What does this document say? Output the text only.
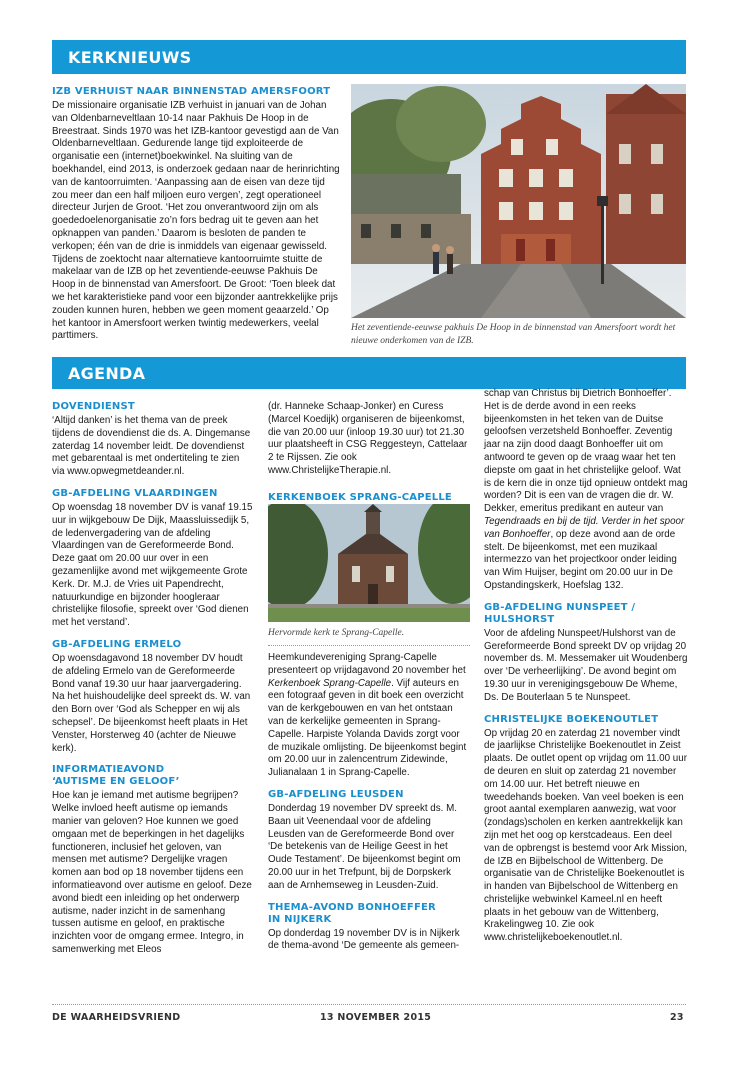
KERKNIEUWS
IZB VERHUIST NAAR BINNENSTAD AMERSFOORT

De missionaire organisatie IZB verhuist in januari van de Johan van Oldenbarneveltlaan 10-14 naar Pakhuis De Hoop in de Breestraat. Sinds 1970 was het IZB-kantoor gevestigd aan de Van Oldenbarneveltlaan. Gedurende lange tijd exploiteerde de organisatie een (internet)boekwinkel. Na sluiting van de boekhandel, eind 2013, is onderzoek gedaan naar de herinrichting van de kantoorruimten. ‘Aanpassing aan de eisen van deze tijd zou meer dan een half miljoen euro vergen’, zegt operationeel directeur Jurjen de Groot. ‘Het zou onverantwoord zijn om als goededoelenorganisatie zo’n fors bedrag uit te geven aan het opknappen van panden.’ Daarom is besloten de panden te verkopen; één van de drie is inmiddels van eigenaar gewisseld. Tijdens de zoektocht naar alternatieve kantoorruimte stuitte de makelaar van de IZB op het zeventiende-eeuwse Pakhuis De Hoop in de binnenstad van Amersfoort. De Groot: ‘Toen bleek dat we het karakteristieke pand voor een bijzonder aantrekkelijke prijs zouden kunnen huren, hebben we geen moment geaarzeld.’ Op het kantoor in Amersfoort werken twintig medewerkers, veelal parttimers.

Het zeventiende-eeuwse pakhuis De Hoop in de binnenstad van Amersfoort wordt het nieuwe onderkomen van de IZB.
AGENDA
DOVENDIENST

‘Altijd danken’ is het thema van de preek tijdens de dovendienst die ds. A. Dingemanse zaterdag 14 november leidt. De dovendienst met gebarentaal is met ondertiteling te zien via www.opwegmetdeander.nl.

GB-AFDELING VLAARDINGEN

Op woensdag 18 november DV is vanaf 19.15 uur in wijkgebouw De Dijk, Maassluissedijk 5, de ledenvergadering van de afdeling Vlaardingen van de Gereformeerde Bond. Deze gaat om 20.00 uur over in een gezamenlijke avond met wijkgemeente Grote Kerk. Dr. M.J. de Vries uit Papendrecht, natuurkundige en bijzonder hoogleraar christelijke filosofie, spreekt over ‘God dienen met het verstand’.

GB-AFDELING ERMELO

Op woensdagavond 18 november DV houdt de afdeling Ermelo van de Gereformeerde Bond vanaf 19.30 uur haar jaarvergadering. Na het huishoudelijke deel spreekt ds. W. van den Born over ‘God als Schepper en wij als schepsel’. De bijeenkomst heeft plaats in Het Venster, Horsterweg 40 (achter de Nieuwe kerk).

INFORMATIEAVOND
‘AUTISME EN GELOOF’

Hoe kan je iemand met autisme begrijpen? Welke invloed heeft autisme op iemands manier van geloven? Hoe kunnen we goed omgaan met de beperkingen in het dagelijks functioneren, inclusief het geloven, van mensen met autisme? Dergelijke vragen komen aan bod op 18 november tijdens een informatieavond over autisme en geloof. Deze avond biedt een inleiding op het onderwerp autisme, nader inzicht in de samenhang tussen autisme en geloof, en praktische inzichten voor de omgang ermee. Integro, in samenwerking met Eleos

(dr. Hanneke Schaap-Jonker) en Curess (Marcel Koedijk) organiseren de bijeenkomst, die van 20.00 uur (inloop 19.30 uur) tot 21.30 uur plaatsheeft in CSG Reggesteyn, Cattelaar 2 te Rijssen. Zie ook www.ChristelijkeTherapie.nl.

KERKENBOEK SPRANG-CAPELLE
Hervormde kerk te Sprang-Capelle.

Heemkundevereniging Sprang-Capelle presenteert op vrijdagavond 20 november het Kerkenboek Sprang-Capelle. Vijf auteurs en een fotograaf geven in dit boek een overzicht van de kerkgebouwen en van het ontstaan van de kerkelijke gemeenten in Sprang-Capelle. Harpiste Yolanda Davids zorgt voor de muzikale omlijsting. De bijeenkomst begint om 20.00 uur in zalencentrum Zidewinde, Julianalaan 1 in Sprang-Capelle.

GB-AFDELING LEUSDEN

Donderdag 19 november DV spreekt ds. M. Baan uit Veenendaal voor de afdeling Leusden van de Gereformeerde Bond over ‘De betekenis van de Heilige Geest in het Oude Testament’. De bijeenkomst begint om 20.00 uur in het Trefpunt, bij de Dorpskerk aan de Arnhemseweg in Leusden-Zuid.

THEMA-AVOND BONHOEFFER
IN NIJKERK

Op donderdag 19 november DV is in Nijkerk de thema-avond ‘De gemeente als gemeen-

schap van Christus bij Dietrich Bonhoeffer’. Het is de derde avond in een reeks bijeenkomsten in het teken van de Duitse geloofsen verzetsheld Bonhoeffer. Zeventig jaar na zijn dood daagt Bonhoeffer uit om antwoord te geven op de vraag waar het ten diepste om gaat in het christelijke geloof. Wat is de kern die in onze tijd opnieuw ontdekt mag worden? Dit is een van de vragen die dr. W. Dekker, emeritus predikant en auteur van Tegendraads en bij de tijd. Verder in het spoor van Bonhoeffer, op deze avond aan de orde stelt. De bijeenkomst, met een muzikaal intermezzo van het projectkoor onder leiding van Wim Huijser, begint om 20.00 uur in De Opstandingskerk, Hoefslag 132.

GB-AFDELING NUNSPEET / HULSHORST

Voor de afdeling Nunspeet/Hulshorst van de Gereformeerde Bond spreekt DV op vrijdag 20 november ds. M. Messemaker uit Woudenberg over ‘De verheerlijking’. De avond begint om 19.30 uur in verenigingsgebouw De Wheme, Ds. De Bouterlaan 5 te Nunspeet.

CHRISTELIJKE BOEKENOUTLET

Op vrijdag 20 en zaterdag 21 november vindt de jaarlijkse Christelijke Boekenoutlet in Zeist plaats. De outlet opent op vrijdag om 11.00 uur de deuren en sluit op zaterdag 21 november om 14.00 uur. Het betreft nieuwe en tweedehands boeken. Van veel boeken is een groot aantal exemplaren aanwezig, wat voor (zondags)scholen en kerken aantrekkelijk kan zijn met het oog op kerstcadeaus. Een deel van de opbrengst is bestemd voor Ark Mission, de IZB en Bijbelschool de Wittenberg. De organisatie van de Christelijke Boekenoutlet is in handen van Bijbelschool de Wittenberg en christelijke webwinkel Kameel.nl en heeft plaats in het gebouw van de Wittenberg, Krakelingweg 10. Zie ook www.christelijkeboekenoutlet.nl.

DE WAARHEIDSVRIEND	13 NOVEMBER 2015	23
